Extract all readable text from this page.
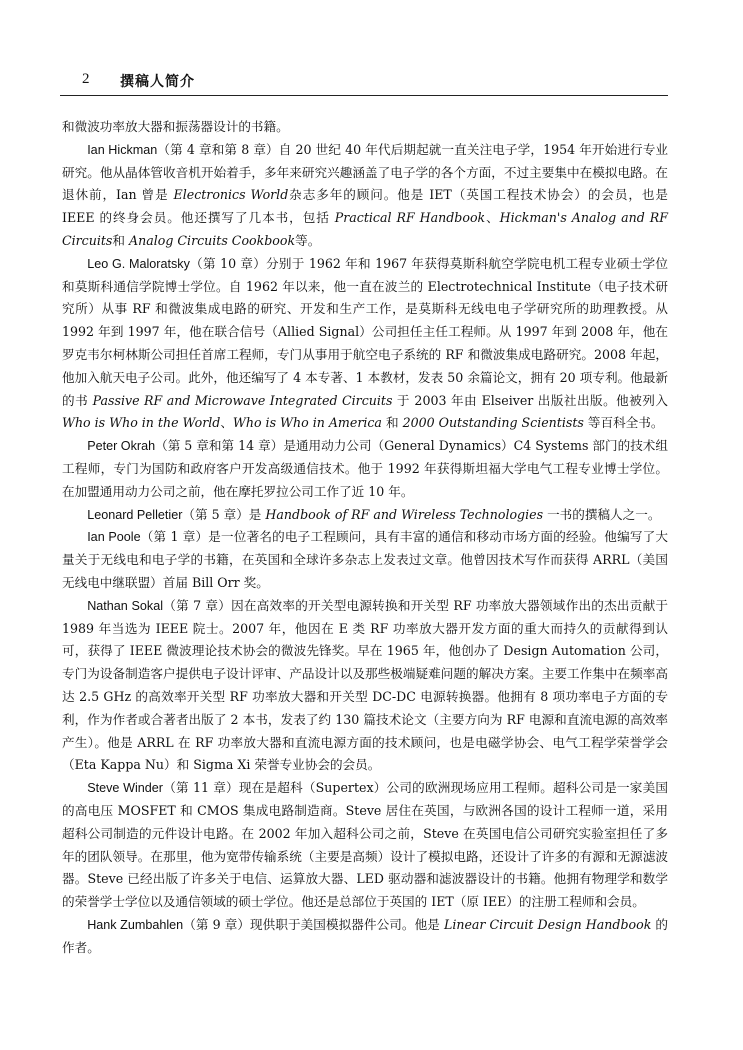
2 撰稿人简介

和微波功率放大器和振荡器设计的书籍。

Ian Hickman（第 4 章和第 8 章）自 20 世纪 40 年代后期起就一直关注电子学，1954 年开始进行专业研究。他从晶体管收音机开始着手，多年来研究兴趣涵盖了电子学的各个方面，不过主要集中在模拟电路。在退休前，Ian 曾是 Electronics World杂志多年的顾问。他是 IET（英国工程技术协会）的会员，也是 IEEE 的终身会员。他还撰写了几本书，包括 Practical RF Handbook、Hickman's Analog and RF Circuits和 Analog Circuits Cookbook等。

Leo G. Maloratsky（第 10 章）分别于 1962 年和 1967 年获得莫斯科航空学院电机工程专业硕士学位和莫斯科通信学院博士学位。自 1962 年以来，他一直在波兰的 Electrotechnical Institute（电子技术研究所）从事 RF 和微波集成电路的研究、开发和生产工作，是莫斯科无线电电子学研究所的助理教授。从 1992 年到 1997 年，他在联合信号（Allied Signal）公司担任主任工程师。从 1997 年到 2008 年，他在罗克韦尔柯林斯公司担任首席工程师，专门从事用于航空电子系统的 RF 和微波集成电路研究。2008 年起，他加入航天电子公司。此外，他还编写了 4 本专著、1 本教材，发表 50 余篇论文，拥有 20 项专利。他最新的书 Passive RF and Microwave Integrated Circuits 于 2003 年由 Elseiver 出版社出版。他被列入 Who is Who in the World、Who is Who in America 和 2000 Outstanding Scientists 等百科全书。

Peter Okrah（第 5 章和第 14 章）是通用动力公司（General Dynamics）C4 Systems 部门的技术组工程师，专门为国防和政府客户开发高级通信技术。他于 1992 年获得斯坦福大学电气工程专业博士学位。在加盟通用动力公司之前，他在摩托罗拉公司工作了近 10 年。

Leonard Pelletier（第 5 章）是 Handbook of RF and Wireless Technologies 一书的撰稿人之一。

Ian Poole（第 1 章）是一位著名的电子工程顾问，具有丰富的通信和移动市场方面的经验。他编写了大量关于无线电和电子学的书籍，在英国和全球许多杂志上发表过文章。他曾因技术写作而获得 ARRL（美国无线电中继联盟）首届 Bill Orr 奖。

Nathan Sokal（第 7 章）因在高效率的开关型电源转换和开关型 RF 功率放大器领域作出的杰出贡献于 1989 年当选为 IEEE 院士。2007 年，他因在 E 类 RF 功率放大器开发方面的重大而持久的贡献得到认可，获得了 IEEE 微波理论技术协会的微波先锋奖。早在 1965 年，他创办了 Design Automation 公司，专门为设备制造客户提供电子设计评审、产品设计以及那些极端疑难问题的解决方案。主要工作集中在频率高达 2.5 GHz 的高效率开关型 RF 功率放大器和开关型 DC-DC 电源转换器。他拥有 8 项功率电子方面的专利，作为作者或合著者出版了 2 本书，发表了约 130 篇技术论文（主要方向为 RF 电源和直流电源的高效率产生）。他是 ARRL 在 RF 功率放大器和直流电源方面的技术顾问，也是电磁学协会、电气工程学荣誉学会（Eta Kappa Nu）和 Sigma Xi 荣誉专业协会的会员。

Steve Winder（第 11 章）现在是超科（Supertex）公司的欧洲现场应用工程师。超科公司是一家美国的高电压 MOSFET 和 CMOS 集成电路制造商。Steve 居住在英国，与欧洲各国的设计工程师一道，采用超科公司制造的元件设计电路。在 2002 年加入超科公司之前，Steve 在英国电信公司研究实验室担任了多年的团队领导。在那里，他为宽带传输系统（主要是高频）设计了模拟电路，还设计了许多的有源和无源滤波器。Steve 已经出版了许多关于电信、运算放大器、LED 驱动器和滤波器设计的书籍。他拥有物理学和数学的荣誉学士学位以及通信领域的硕士学位。他还是总部位于英国的 IET（原 IEE）的注册工程师和会员。

Hank Zumbahlen（第 9 章）现供职于美国模拟器件公司。他是 Linear Circuit Design Handbook 的作者。
